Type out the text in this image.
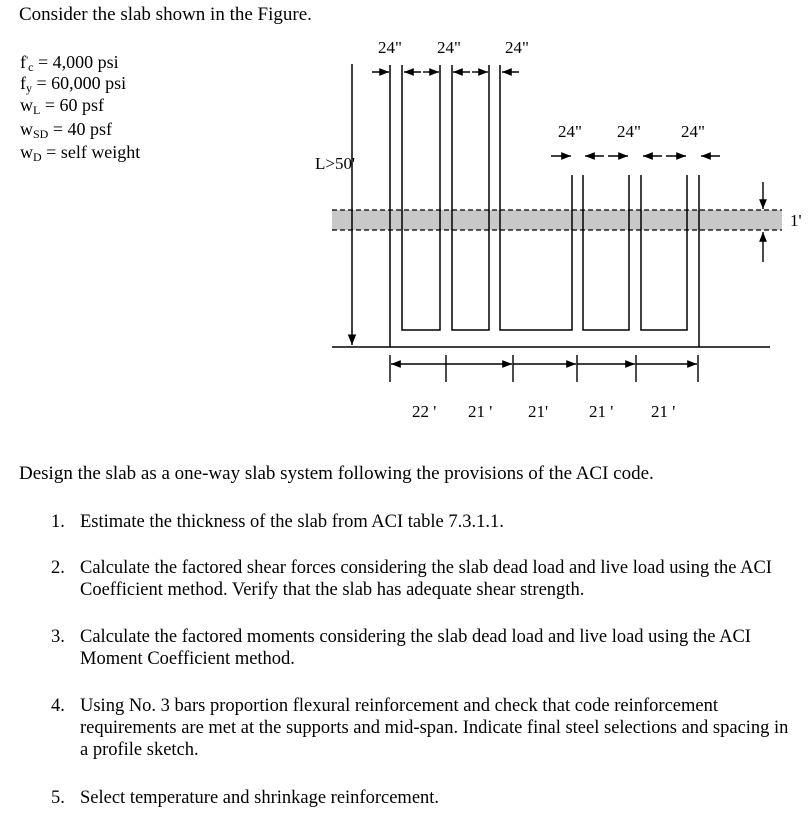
Consider the slab shown in the Figure.
$f'_c = 4,000$ psi
$f_y = 60,000$ psi
$w_L = 60$ psf
$w_{SD} = 40$ psf
$w_D$ = self weight
24" 24"	24"
24" 24" 24"
L>50'
1'
22 ' 21 ' 21' 21 ' 21 '
Design the slab as a one-way slab system following the provisions of the ACI code.
1. Estimate the thickness of the slab from ACI table 7.3.1.1.
2. Calculate the factored shear forces considering the slab dead load and live load using the ACI Coefficient method. Verify that the slab has adequate shear strength.
3. Calculate the factored moments considering the slab dead load and live load using the ACI Moment Coefficient method.
4. Using No. 3 bars proportion flexural reinforcement and check that code reinforcement requirements are met at the supports and mid-span. Indicate final steel selections and spacing in a profile sketch.
5. Select temperature and shrinkage reinforcement.
